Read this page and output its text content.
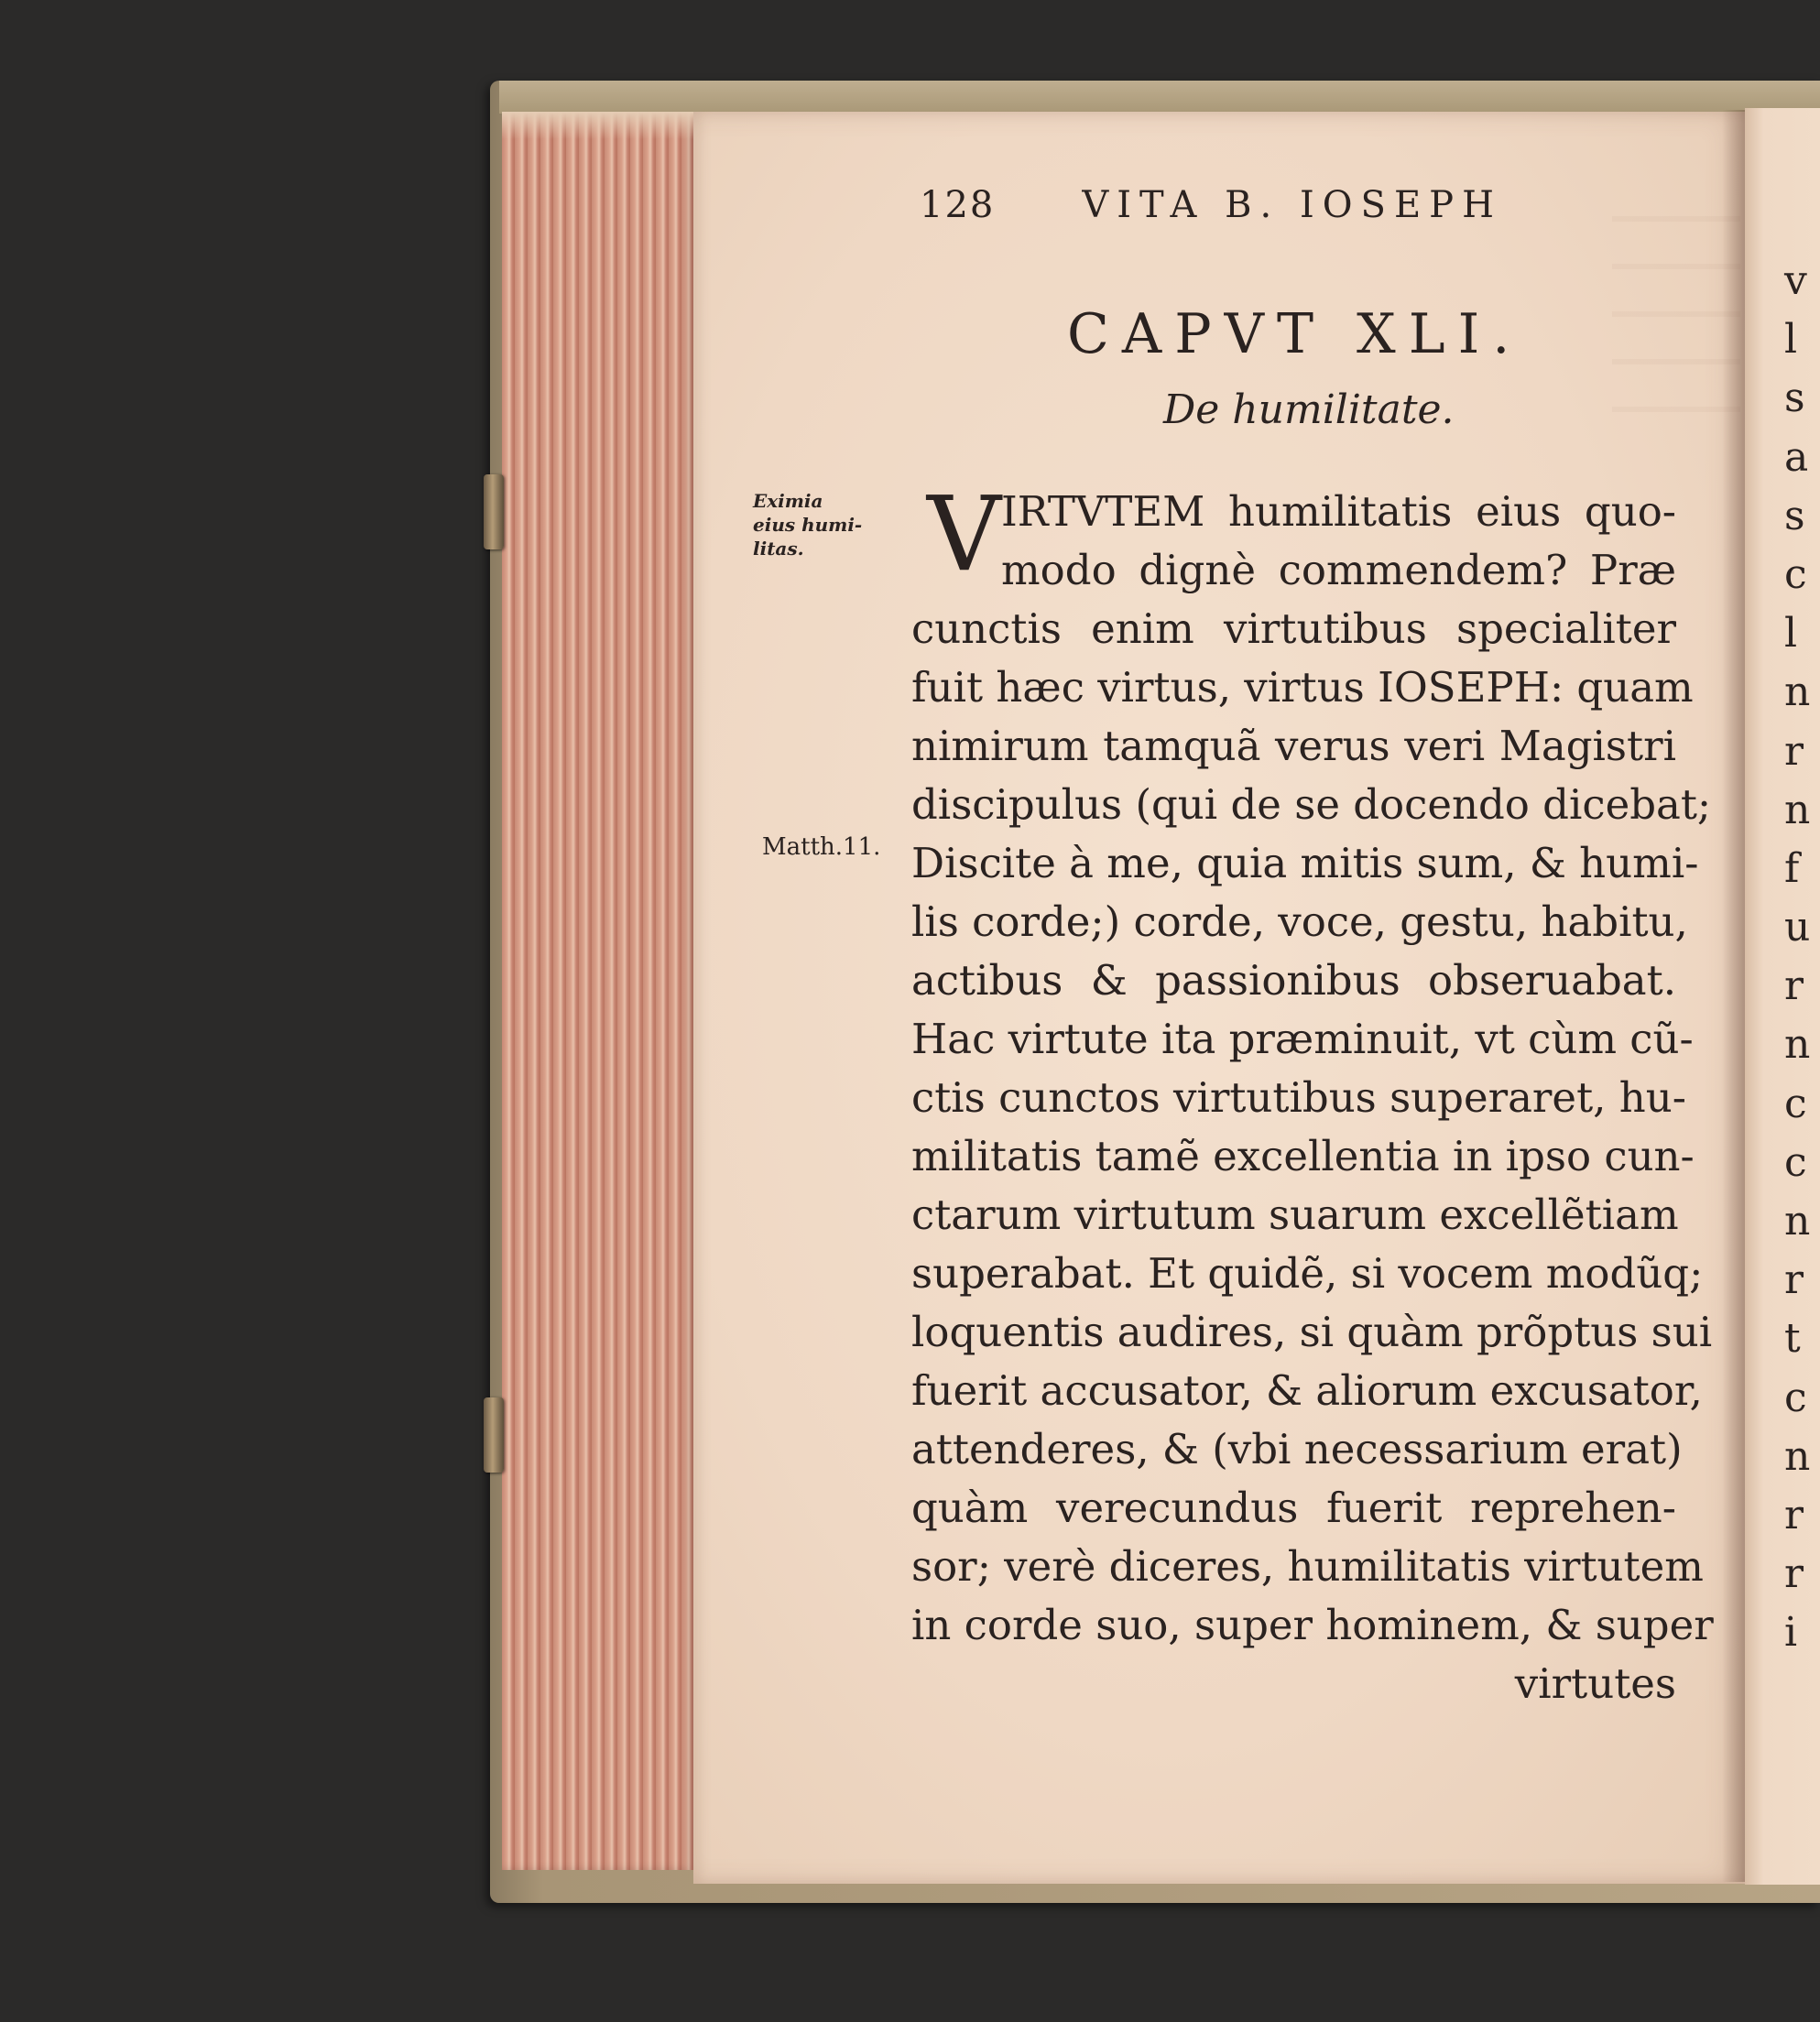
v
l
s
a
s
c
l
n
r
n
f
u
r
n
c
c
n
r
t
c
n
r
r
i
128 VITA B. IOSEPH
CAPVT XLI.
De humilitate.
Eximia
eius humi-
litas.
Matth.11.
V IRTVTEM humilitatis eius quo-
modo dignè commendem? Præ
cunctis enim virtutibus specialiter
fuit hæc virtus, virtus IOSEPH: quam
nimirum tamquã verus veri Magistri
discipulus (qui de se docendo dicebat;
Discite à me, quia mitis sum, & humi-
lis corde;) corde, voce, gestu, habitu,
actibus & passionibus obseruabat.
Hac virtute ita præminuit, vt cùm cũ-
ctis cunctos virtutibus superaret, hu-
militatis tamẽ excellentia in ipso cun-
ctarum virtutum suarum excellẽtiam
superabat. Et quidẽ, si vocem modũq;
loquentis audires, si quàm prõptus sui
fuerit accusator, & aliorum excusator,
attenderes, & (vbi necessarium erat)
quàm verecundus fuerit reprehen-
sor; verè diceres, humilitatis virtutem
in corde suo, super hominem, & super
virtutes
